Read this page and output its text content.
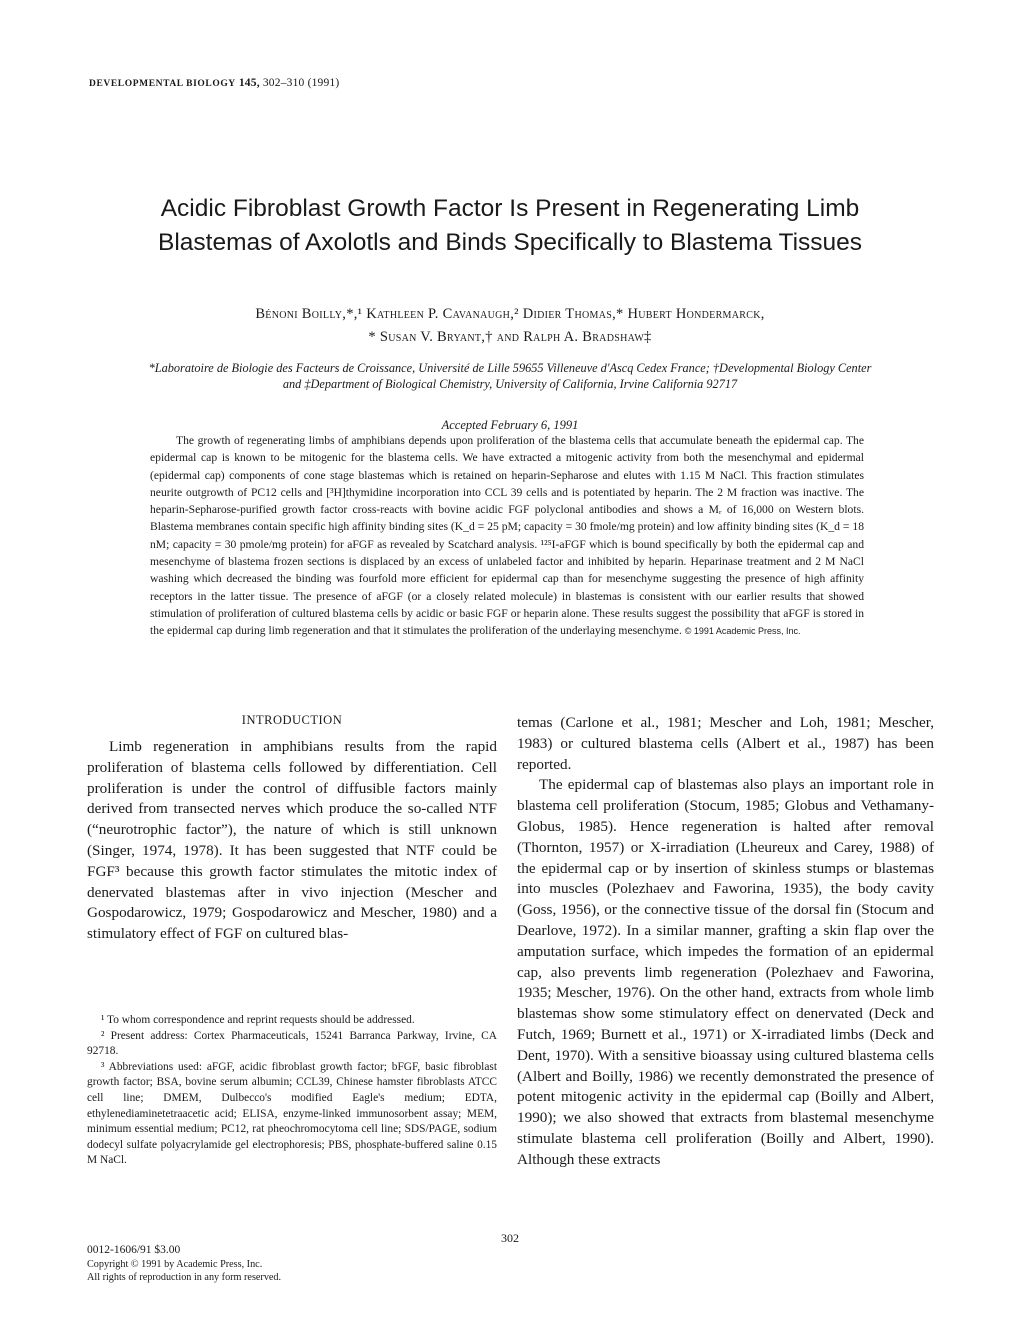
DEVELOPMENTAL BIOLOGY 145, 302–310 (1991)
Acidic Fibroblast Growth Factor Is Present in Regenerating Limb
Blastemas of Axolotls and Binds Specifically to Blastema Tissues
Bénoni Boilly,*,¹ Kathleen P. Cavanaugh,² Didier Thomas,* Hubert Hondermarck,
* Susan V. Bryant,† and Ralph A. Bradshaw‡
*Laboratoire de Biologie des Facteurs de Croissance, Université de Lille 59655 Villeneuve d'Ascq Cedex France; †Developmental Biology Center
and ‡Department of Biological Chemistry, University of California, Irvine California 92717
Accepted February 6, 1991

The growth of regenerating limbs of amphibians depends upon proliferation of the blastema cells that accumulate beneath the epidermal cap. The epidermal cap is known to be mitogenic for the blastema cells. We have extracted a mitogenic activity from both the mesenchymal and epidermal (epidermal cap) components of cone stage blastemas which is retained on heparin-Sepharose and elutes with 1.15 M NaCl. This fraction stimulates neurite outgrowth of PC12 cells and [³H]thymidine incorporation into CCL 39 cells and is potentiated by heparin. The 2 M fraction was inactive. The heparin-Sepharose-purified growth factor cross-reacts with bovine acidic FGF polyclonal antibodies and shows a Mᵣ of 16,000 on Western blots. Blastema membranes contain specific high affinity binding sites (K_d = 25 pM; capacity = 30 fmole/mg protein) and low affinity binding sites (K_d = 18 nM; capacity = 30 pmole/mg protein) for aFGF as revealed by Scatchard analysis. ¹²⁵I-aFGF which is bound specifically by both the epidermal cap and mesenchyme of blastema frozen sections is displaced by an excess of unlabeled factor and inhibited by heparin. Heparinase treatment and 2 M NaCl washing which decreased the binding was fourfold more efficient for epidermal cap than for mesenchyme suggesting the presence of high affinity receptors in the latter tissue. The presence of aFGF (or a closely related molecule) in blastemas is consistent with our earlier results that showed stimulation of proliferation of cultured blastema cells by acidic or basic FGF or heparin alone. These results suggest the possibility that aFGF is stored in the epidermal cap during limb regeneration and that it stimulates the proliferation of the underlaying mesenchyme. © 1991 Academic Press, Inc.

INTRODUCTION

Limb regeneration in amphibians results from the rapid proliferation of blastema cells followed by differentiation. Cell proliferation is under the control of diffusible factors mainly derived from transected nerves which produce the so-called NTF (“neurotrophic factor”), the nature of which is still unknown (Singer, 1974, 1978). It has been suggested that NTF could be FGF³ because this growth factor stimulates the mitotic index of denervated blastemas after in vivo injection (Mescher and Gospodarowicz, 1979; Gospodarowicz and Mescher, 1980) and a stimulatory effect of FGF on cultured blas-

temas (Carlone et al., 1981; Mescher and Loh, 1981; Mescher, 1983) or cultured blastema cells (Albert et al., 1987) has been reported.

The epidermal cap of blastemas also plays an important role in blastema cell proliferation (Stocum, 1985; Globus and Vethamany-Globus, 1985). Hence regeneration is halted after removal (Thornton, 1957) or X-irradiation (Lheureux and Carey, 1988) of the epidermal cap or by insertion of skinless stumps or blastemas into muscles (Polezhaev and Faworina, 1935), the body cavity (Goss, 1956), or the connective tissue of the dorsal fin (Stocum and Dearlove, 1972). In a similar manner, grafting a skin flap over the amputation surface, which impedes the formation of an epidermal cap, also prevents limb regeneration (Polezhaev and Faworina, 1935; Mescher, 1976). On the other hand, extracts from whole limb blastemas show some stimulatory effect on denervated (Deck and Futch, 1969; Burnett et al., 1971) or X-irradiated limbs (Deck and Dent, 1970). With a sensitive bioassay using cultured blastema cells (Albert and Boilly, 1986) we recently demonstrated the presence of potent mitogenic activity in the epidermal cap (Boilly and Albert, 1990); we also showed that extracts from blastemal mesenchyme stimulate blastema cell proliferation (Boilly and Albert, 1990). Although these extracts

¹ To whom correspondence and reprint requests should be addressed.

² Present address: Cortex Pharmaceuticals, 15241 Barranca Parkway, Irvine, CA 92718.

³ Abbreviations used: aFGF, acidic fibroblast growth factor; bFGF, basic fibroblast growth factor; BSA, bovine serum albumin; CCL39, Chinese hamster fibroblasts ATCC cell line; DMEM, Dulbecco's modified Eagle's medium; EDTA, ethylenediaminetetraacetic acid; ELISA, enzyme-linked immunosorbent assay; MEM, minimum essential medium; PC12, rat pheochromocytoma cell line; SDS/PAGE, sodium dodecyl sulfate polyacrylamide gel electrophoresis; PBS, phosphate-buffered saline 0.15 M NaCl.

302
0012-1606/91 $3.00
Copyright © 1991 by Academic Press, Inc.
All rights of reproduction in any form reserved.
